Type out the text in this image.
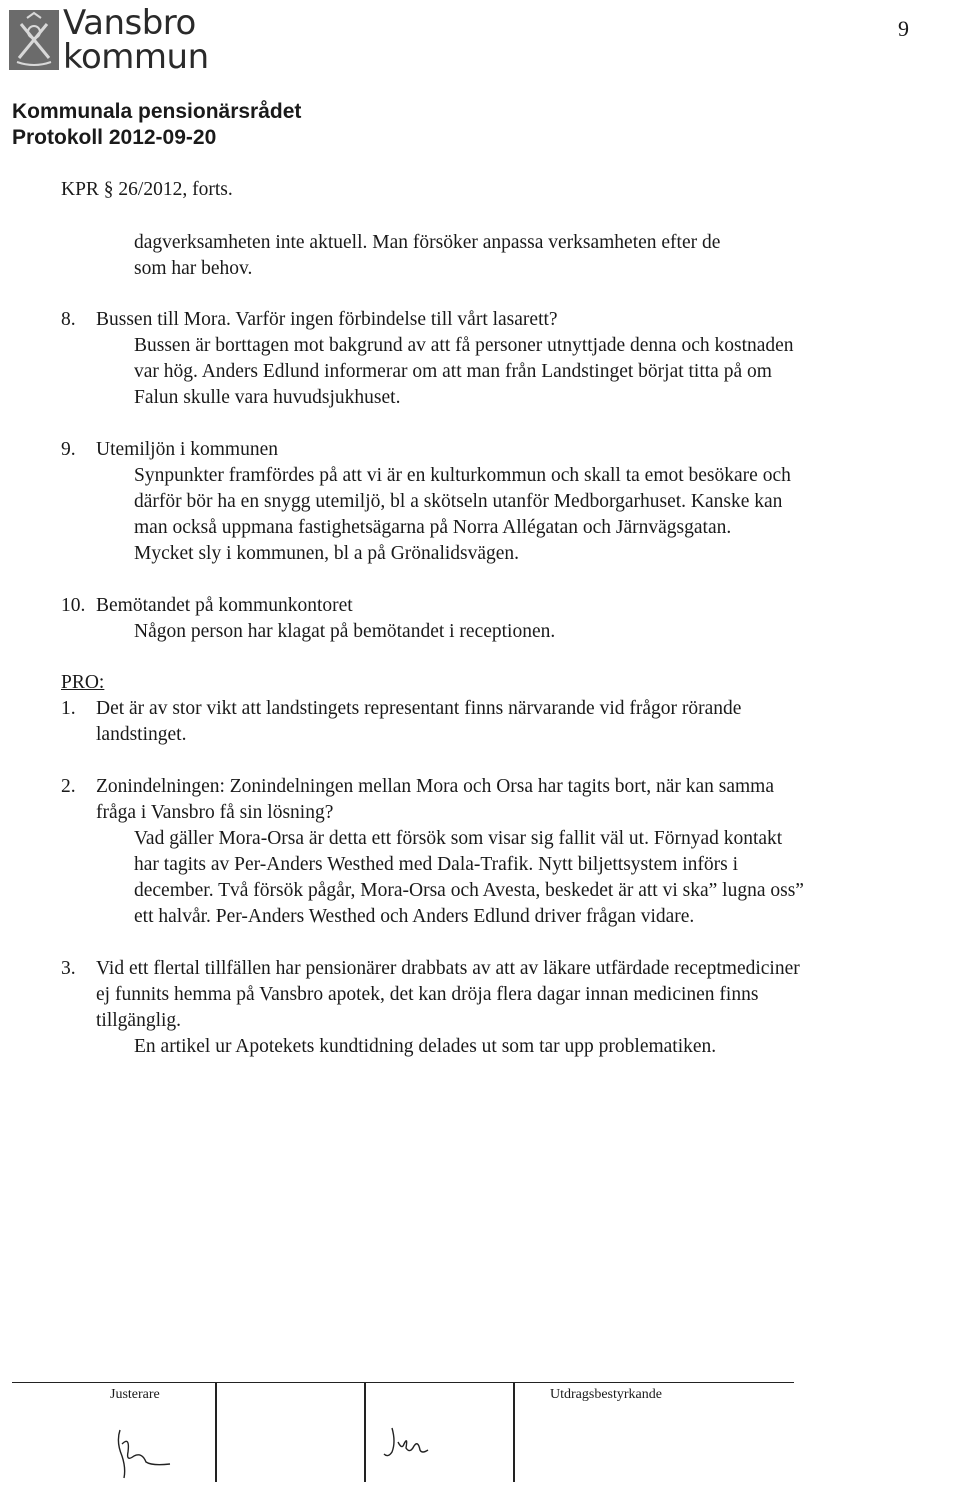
Vansbro
kommun
9
Kommunala pensionärsrådet
Protokoll 2012-09-20
KPR § 26/2012, forts.
dagverksamheten inte aktuell. Man försöker anpassa verksamheten efter de
som har behov.
8. Bussen till Mora. Varför ingen förbindelse till vårt lasarett?
Bussen är borttagen mot bakgrund av att få personer utnyttjade denna och kostnaden
var hög. Anders Edlund informerar om att man från Landstinget börjat titta på om
Falun skulle vara huvudsjukhuset.
9. Utemiljön i kommunen
Synpunkter framfördes på att vi är en kulturkommun och skall ta emot besökare och
därför bör ha en snygg utemiljö, bl a skötseln utanför Medborgarhuset. Kanske kan
man också uppmana fastighetsägarna på Norra Allégatan och Järnvägsgatan.
Mycket sly i kommunen, bl a på Grönalidsvägen.
10. Bemötandet på kommunkontoret
Någon person har klagat på bemötandet i receptionen.
PRO:
1. Det är av stor vikt att landstingets representant finns närvarande vid frågor rörande
landstinget.
2. Zonindelningen: Zonindelningen mellan Mora och Orsa har tagits bort, när kan samma
fråga i Vansbro få sin lösning?
Vad gäller Mora-Orsa är detta ett försök som visar sig fallit väl ut. Förnyad kontakt
har tagits av Per-Anders Westhed med Dala-Trafik. Nytt biljettsystem införs i
december. Två försök pågår, Mora-Orsa och Avesta, beskedet är att vi ska” lugna oss”
ett halvår. Per-Anders Westhed och Anders Edlund driver frågan vidare.
3. Vid ett flertal tillfällen har pensionärer drabbats av att av läkare utfärdade receptmediciner
ej funnits hemma på Vansbro apotek, det kan dröja flera dagar innan medicinen finns
tillgänglig.
En artikel ur Apotekets kundtidning delades ut som tar upp problematiken.
Justerare	Utdragsbestyrkande
